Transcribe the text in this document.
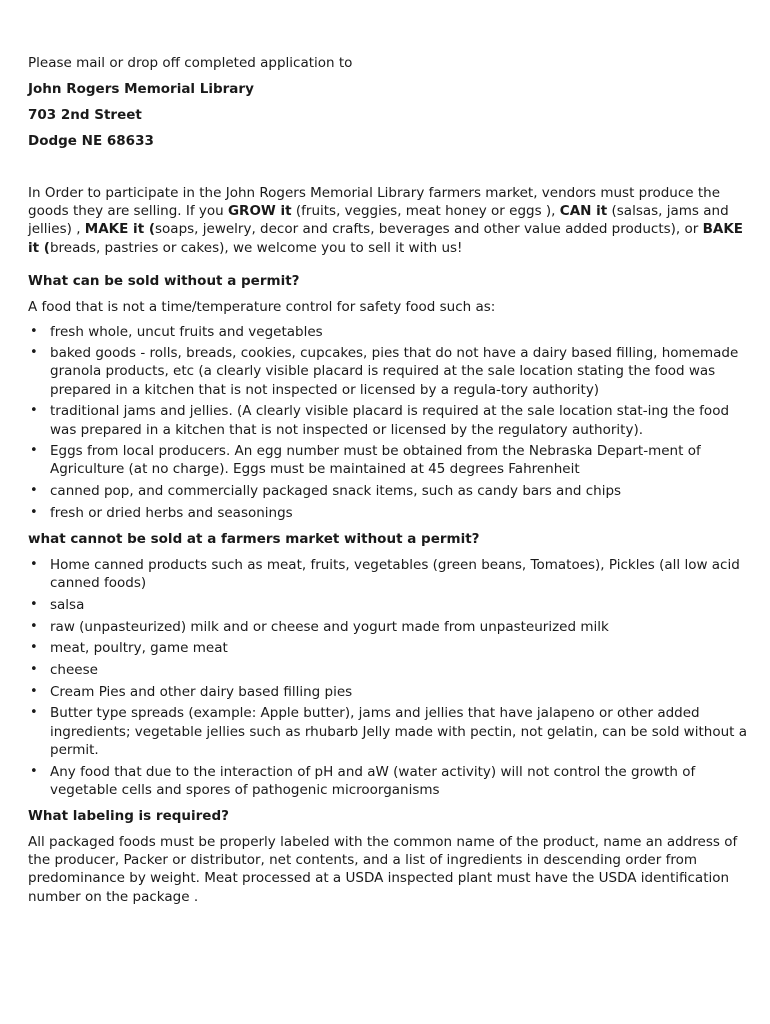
Please mail or drop off completed application to
John Rogers Memorial Library
703 2nd Street
Dodge NE 68633

In Order to participate in the John Rogers Memorial Library farmers market, vendors must produce the goods they are selling. If you GROW it (fruits, veggies, meat honey or eggs ), CAN it (salsas, jams and jellies) , MAKE it (soaps, jewelry, decor and crafts, beverages and other value added products), or BAKE it (breads, pastries or cakes), we welcome you to sell it with us!

What can be sold without a permit?

A food that is not a time/temperature control for safety food such as:

• fresh whole, uncut fruits and vegetables
• baked goods - rolls, breads, cookies, cupcakes, pies that do not have a dairy based filling, homemade granola products, etc (a clearly visible placard is required at the sale location stating the food was prepared in a kitchen that is not inspected or licensed by a regula-tory authority)
• traditional jams and jellies. (A clearly visible placard is required at the sale location stat-ing the food was prepared in a kitchen that is not inspected or licensed by the regulatory authority).
• Eggs from local producers. An egg number must be obtained from the Nebraska Depart-ment of Agriculture (at no charge). Eggs must be maintained at 45 degrees Fahrenheit
• canned pop, and commercially packaged snack items, such as candy bars and chips
• fresh or dried herbs and seasonings
what cannot be sold at a farmers market without a permit?
• Home canned products such as meat, fruits, vegetables (green beans, Tomatoes), Pickles (all low acid canned foods)
• salsa
• raw (unpasteurized) milk and or cheese and yogurt made from unpasteurized milk
• meat, poultry, game meat
• cheese
• Cream Pies and other dairy based filling pies
• Butter type spreads (example: Apple butter), jams and jellies that have jalapeno or other added ingredients; vegetable jellies such as rhubarb Jelly made with pectin, not gelatin, can be sold without a permit.
• Any food that due to the interaction of pH and aW (water activity) will not control the growth of vegetable cells and spores of pathogenic microorganisms
What labeling is required?

All packaged foods must be properly labeled with the common name of the product, name an address of the producer, Packer or distributor, net contents, and a list of ingredients in descending order from predominance by weight. Meat processed at a USDA inspected plant must have the USDA identification number on the package .
